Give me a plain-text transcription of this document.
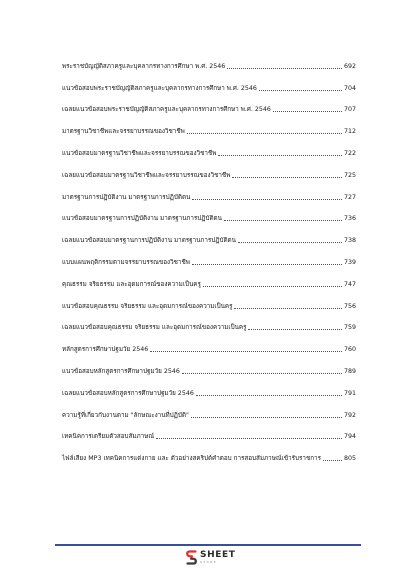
พระราชบัญญัติสภาครูและบุคลากรทางการศึกษา พ.ศ. 2546	692
แนวข้อสอบพระราชบัญญัติสภาครูและบุคลากรทางการศึกษา พ.ศ. 2546	704
เฉลยแนวข้อสอบพระราชบัญญัติสภาครูและบุคลากรทางการศึกษา พ.ศ. 2546	707
มาตรฐานวิชาชีพและจรรยาบรรณของวิชาชีพ	712
แนวข้อสอบมาตรฐานวิชาชีพและจรรยาบรรณของวิชาชีพ	722
เฉลยแนวข้อสอบมาตรฐานวิชาชีพและจรรยาบรรณของวิชาชีพ	725
มาตรฐานการปฏิบัติงาน มาตรฐานการปฏิบัติตน	727
แนวข้อสอบมาตรฐานการปฏิบัติงาน มาตรฐานการปฏิบัติตน	736
เฉลยแนวข้อสอบมาตรฐานการปฏิบัติงาน มาตรฐานการปฏิบัติตน	738
แบบแผนพฤติกรรมตามจรรยาบรรณของวิชาชีพ	739
คุณธรรม จริยธรรม และอุดมการณ์ของความเป็นครู	747
แนวข้อสอบคุณธรรม จริยธรรม และอุดมการณ์ของความเป็นครู	756
เฉลยแนวข้อสอบคุณธรรม จริยธรรม และอุดมการณ์ของความเป็นครู	759
หลักสูตรการศึกษาปฐมวัย 2546	760
แนวข้อสอบหลักสูตรการศึกษาปฐมวัย 2546	789
เฉลยแนวข้อสอบหลักสูตรการศึกษาปฐมวัย 2546	791
ความรู้ที่เกี่ยวกับงานตาม "ลักษณะงานที่ปฏิบัติ"	792
เทคนิคการเตรียมตัวสอบสัมภาษณ์	794
ไฟล์เสียง MP3 เทคนิคการแต่งกาย และ ตัวอย่างสคริปต์คำตอบ การสอบสัมภาษณ์เข้ารับราชการ	805
SHEET
STORE
